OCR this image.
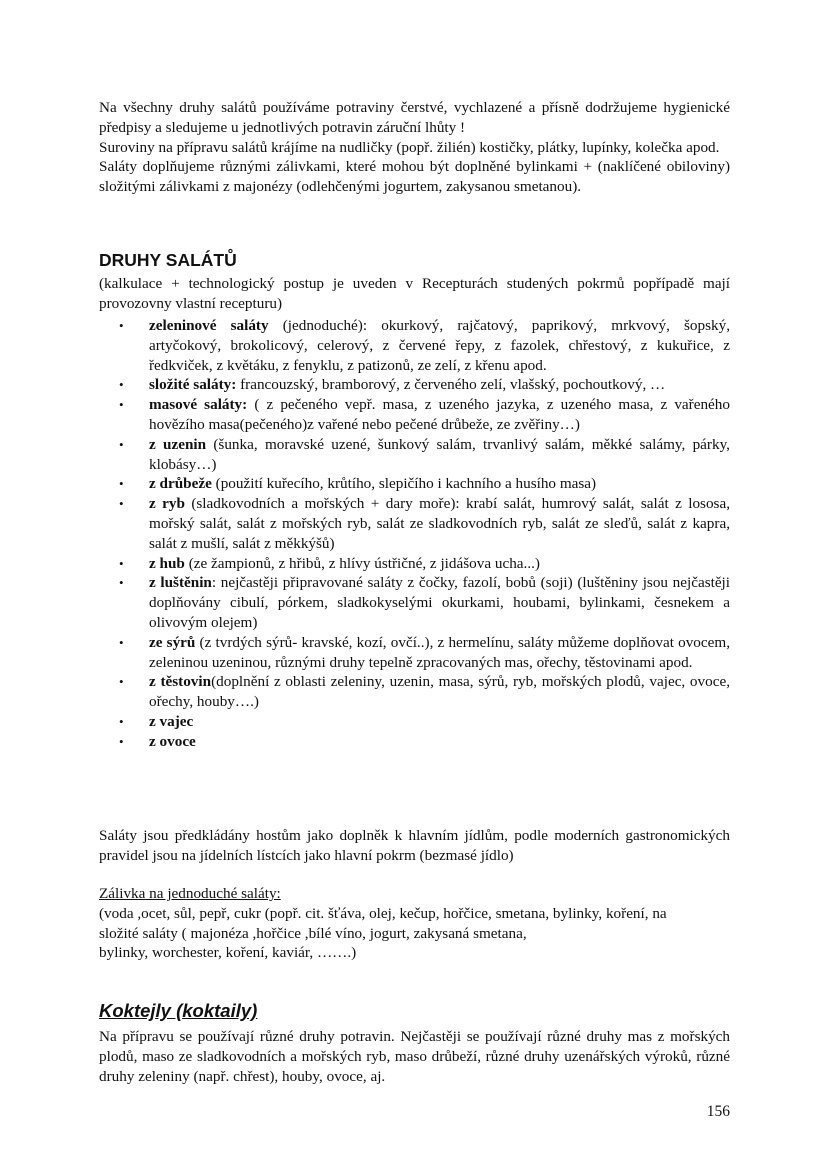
Na všechny druhy salátů používáme potraviny čerstvé, vychlazené a přísně dodržujeme hygienické předpisy a sledujeme u jednotlivých potravin záruční lhůty !

Suroviny na přípravu salátů krájíme na nudličky (popř. žilién) kostičky, plátky, lupínky, kolečka apod.

Saláty doplňujeme různými zálivkami, které mohou být doplněné bylinkami + (naklíčené obiloviny) složitými zálivkami z majonézy (odlehčenými jogurtem, zakysanou smetanou).

DRUHY SALÁTŮ
(kalkulace + technologický postup je uveden v Recepturách studených pokrmů popřípadě mají provozovny vlastní recepturu)
• zeleninové saláty (jednoduché): okurkový, rajčatový, paprikový, mrkvový, šopský, artyčokový, brokolicový, celerový, z červené řepy, z fazolek, chřestový, z kukuřice, z ředkviček, z květáku, z fenyklu, z patizonů, ze zelí, z křenu apod.
• složité saláty: francouzský, bramborový, z červeného zelí, vlašský, pochoutkový, …
• masové saláty: ( z pečeného vepř. masa, z uzeného jazyka, z uzeného masa, z vařeného hovězího masa(pečeného)z vařené nebo pečené drůbeže, ze zvěřiny…)
• z uzenin (šunka, moravské uzené, šunkový salám, trvanlivý salám, měkké salámy, párky, klobásy…)
• z drůbeže (použití kuřecího, krůtího, slepičího i kachního a husího masa)
• z ryb (sladkovodních a mořských + dary moře): krabí salát, humrový salát, salát z lososa, mořský salát, salát z mořských ryb, salát ze sladkovodních ryb, salát ze sleďů, salát z kapra, salát z mušlí, salát z měkkýšů)
• z hub (ze žampionů, z hřibů, z hlívy ústřičné, z jidášova ucha...)
• z luštěnin: nejčastěji připravované saláty z čočky, fazolí, bobů (soji) (luštěniny jsou nejčastěji doplňovány cibulí, pórkem, sladkokyselými okurkami, houbami, bylinkami, česnekem a olivovým olejem)
• ze sýrů (z tvrdých sýrů- kravské, kozí, ovčí..), z hermelínu, saláty můžeme doplňovat ovocem, zeleninou uzeninou, různými druhy tepelně zpracovaných mas, ořechy, těstovinami apod.
• z těstovin(doplnění z oblasti zeleniny, uzenin, masa, sýrů, ryb, mořských plodů, vajec, ovoce, ořechy, houby….)
• z vajec
• z ovoce
Saláty jsou předkládány hostům jako doplněk k hlavním jídlům, podle moderních gastronomických pravidel jsou na jídelních lístcích jako hlavní pokrm (bezmasé jídlo)

Zálivka na jednoduché saláty:

(voda ,ocet, sůl, pepř, cukr (popř. cit. šťáva, olej, kečup, hořčice, smetana, bylinky, koření, na

složité saláty ( majonéza ,hořčice ,bílé víno, jogurt, zakysaná smetana,

bylinky, worchester, koření, kaviár, …….)

Koktejly (koktaily)
Na přípravu se používají různé druhy potravin. Nejčastěji se používají různé druhy mas z mořských plodů, maso ze sladkovodních a mořských ryb, maso drůbeží, různé druhy uzenářských výroků, různé druhy zeleniny (např. chřest), houby, ovoce, aj.
156
